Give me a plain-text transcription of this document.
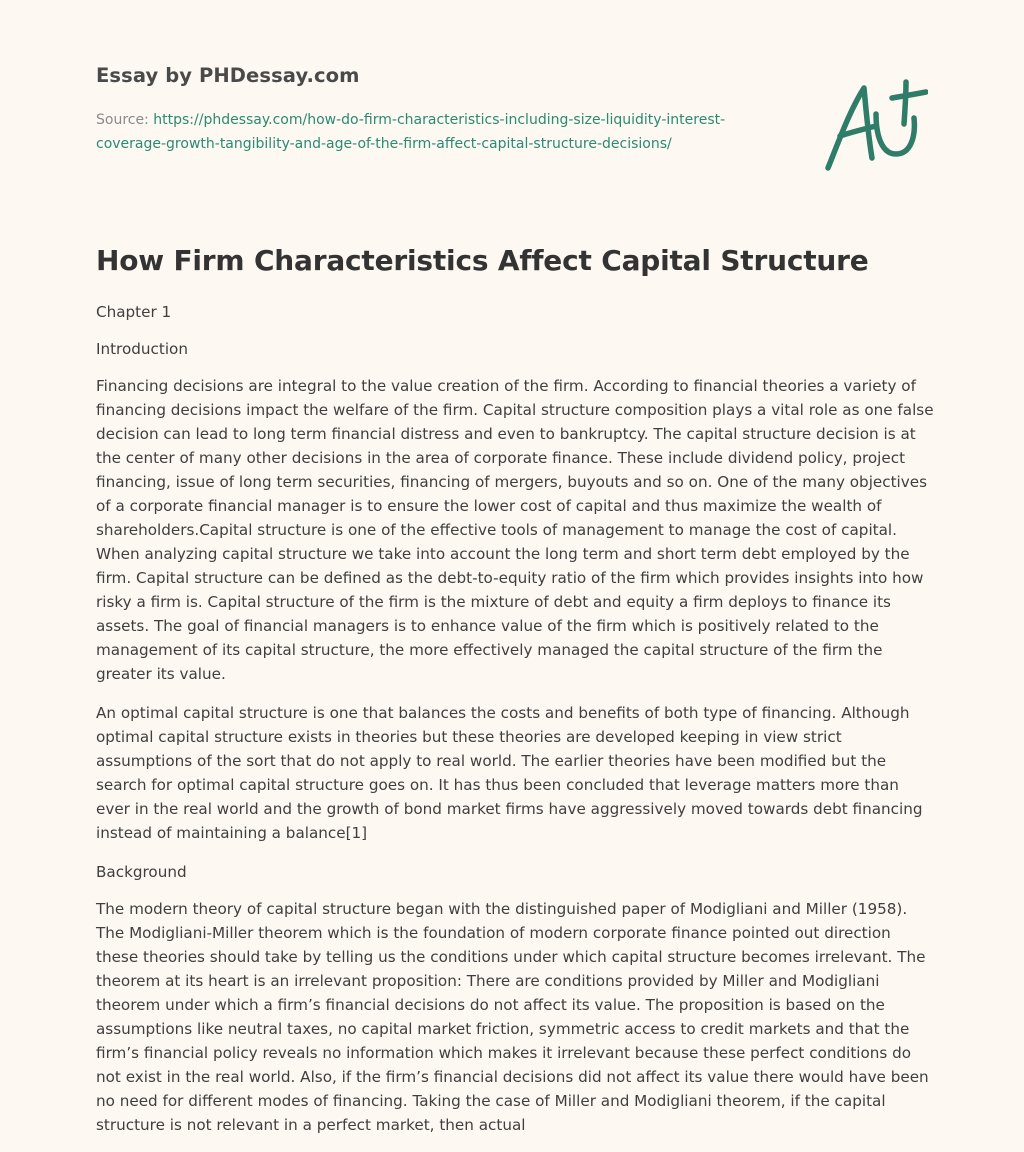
Essay by PHDessay.com

Source: https://phdessay.com/how-do-firm-characteristics-including-size-liquidity-interest-coverage-growth-tangibility-and-age-of-the-firm-affect-capital-structure-decisions/

How Firm Characteristics Affect Capital Structure

Chapter 1

Introduction

Financing decisions are integral to the value creation of the firm. According to financial theories a variety of financing decisions impact the welfare of the firm. Capital structure composition plays a vital role as one false decision can lead to long term financial distress and even to bankruptcy. The capital structure decision is at the center of many other decisions in the area of corporate finance. These include dividend policy, project financing, issue of long term securities, financing of mergers, buyouts and so on. One of the many objectives of a corporate financial manager is to ensure the lower cost of capital and thus maximize the wealth of shareholders.Capital structure is one of the effective tools of management to manage the cost of capital. When analyzing capital structure we take into account the long term and short term debt employed by the firm. Capital structure can be defined as the debt-to-equity ratio of the firm which provides insights into how risky a firm is. Capital structure of the firm is the mixture of debt and equity a firm deploys to finance its assets. The goal of financial managers is to enhance value of the firm which is positively related to the management of its capital structure, the more effectively managed the capital structure of the firm the greater its value.

An optimal capital structure is one that balances the costs and benefits of both type of financing. Although optimal capital structure exists in theories but these theories are developed keeping in view strict assumptions of the sort that do not apply to real world. The earlier theories have been modified but the search for optimal capital structure goes on. It has thus been concluded that leverage matters more than ever in the real world and the growth of bond market firms have aggressively moved towards debt financing instead of maintaining a balance[1]

Background

The modern theory of capital structure began with the distinguished paper of Modigliani and Miller (1958). The Modigliani-Miller theorem which is the foundation of modern corporate finance pointed out direction these theories should take by telling us the conditions under which capital structure becomes irrelevant. The theorem at its heart is an irrelevant proposition: There are conditions provided by Miller and Modigliani theorem under which a firm’s financial decisions do not affect its value. The proposition is based on the assumptions like neutral taxes, no capital market friction, symmetric access to credit markets and that the firm’s financial policy reveals no information which makes it irrelevant because these perfect conditions do not exist in the real world. Also, if the firm’s financial decisions did not affect its value there would have been no need for different modes of financing. Taking the case of Miller and Modigliani theorem, if the capital structure is not relevant in a perfect market, then actual
